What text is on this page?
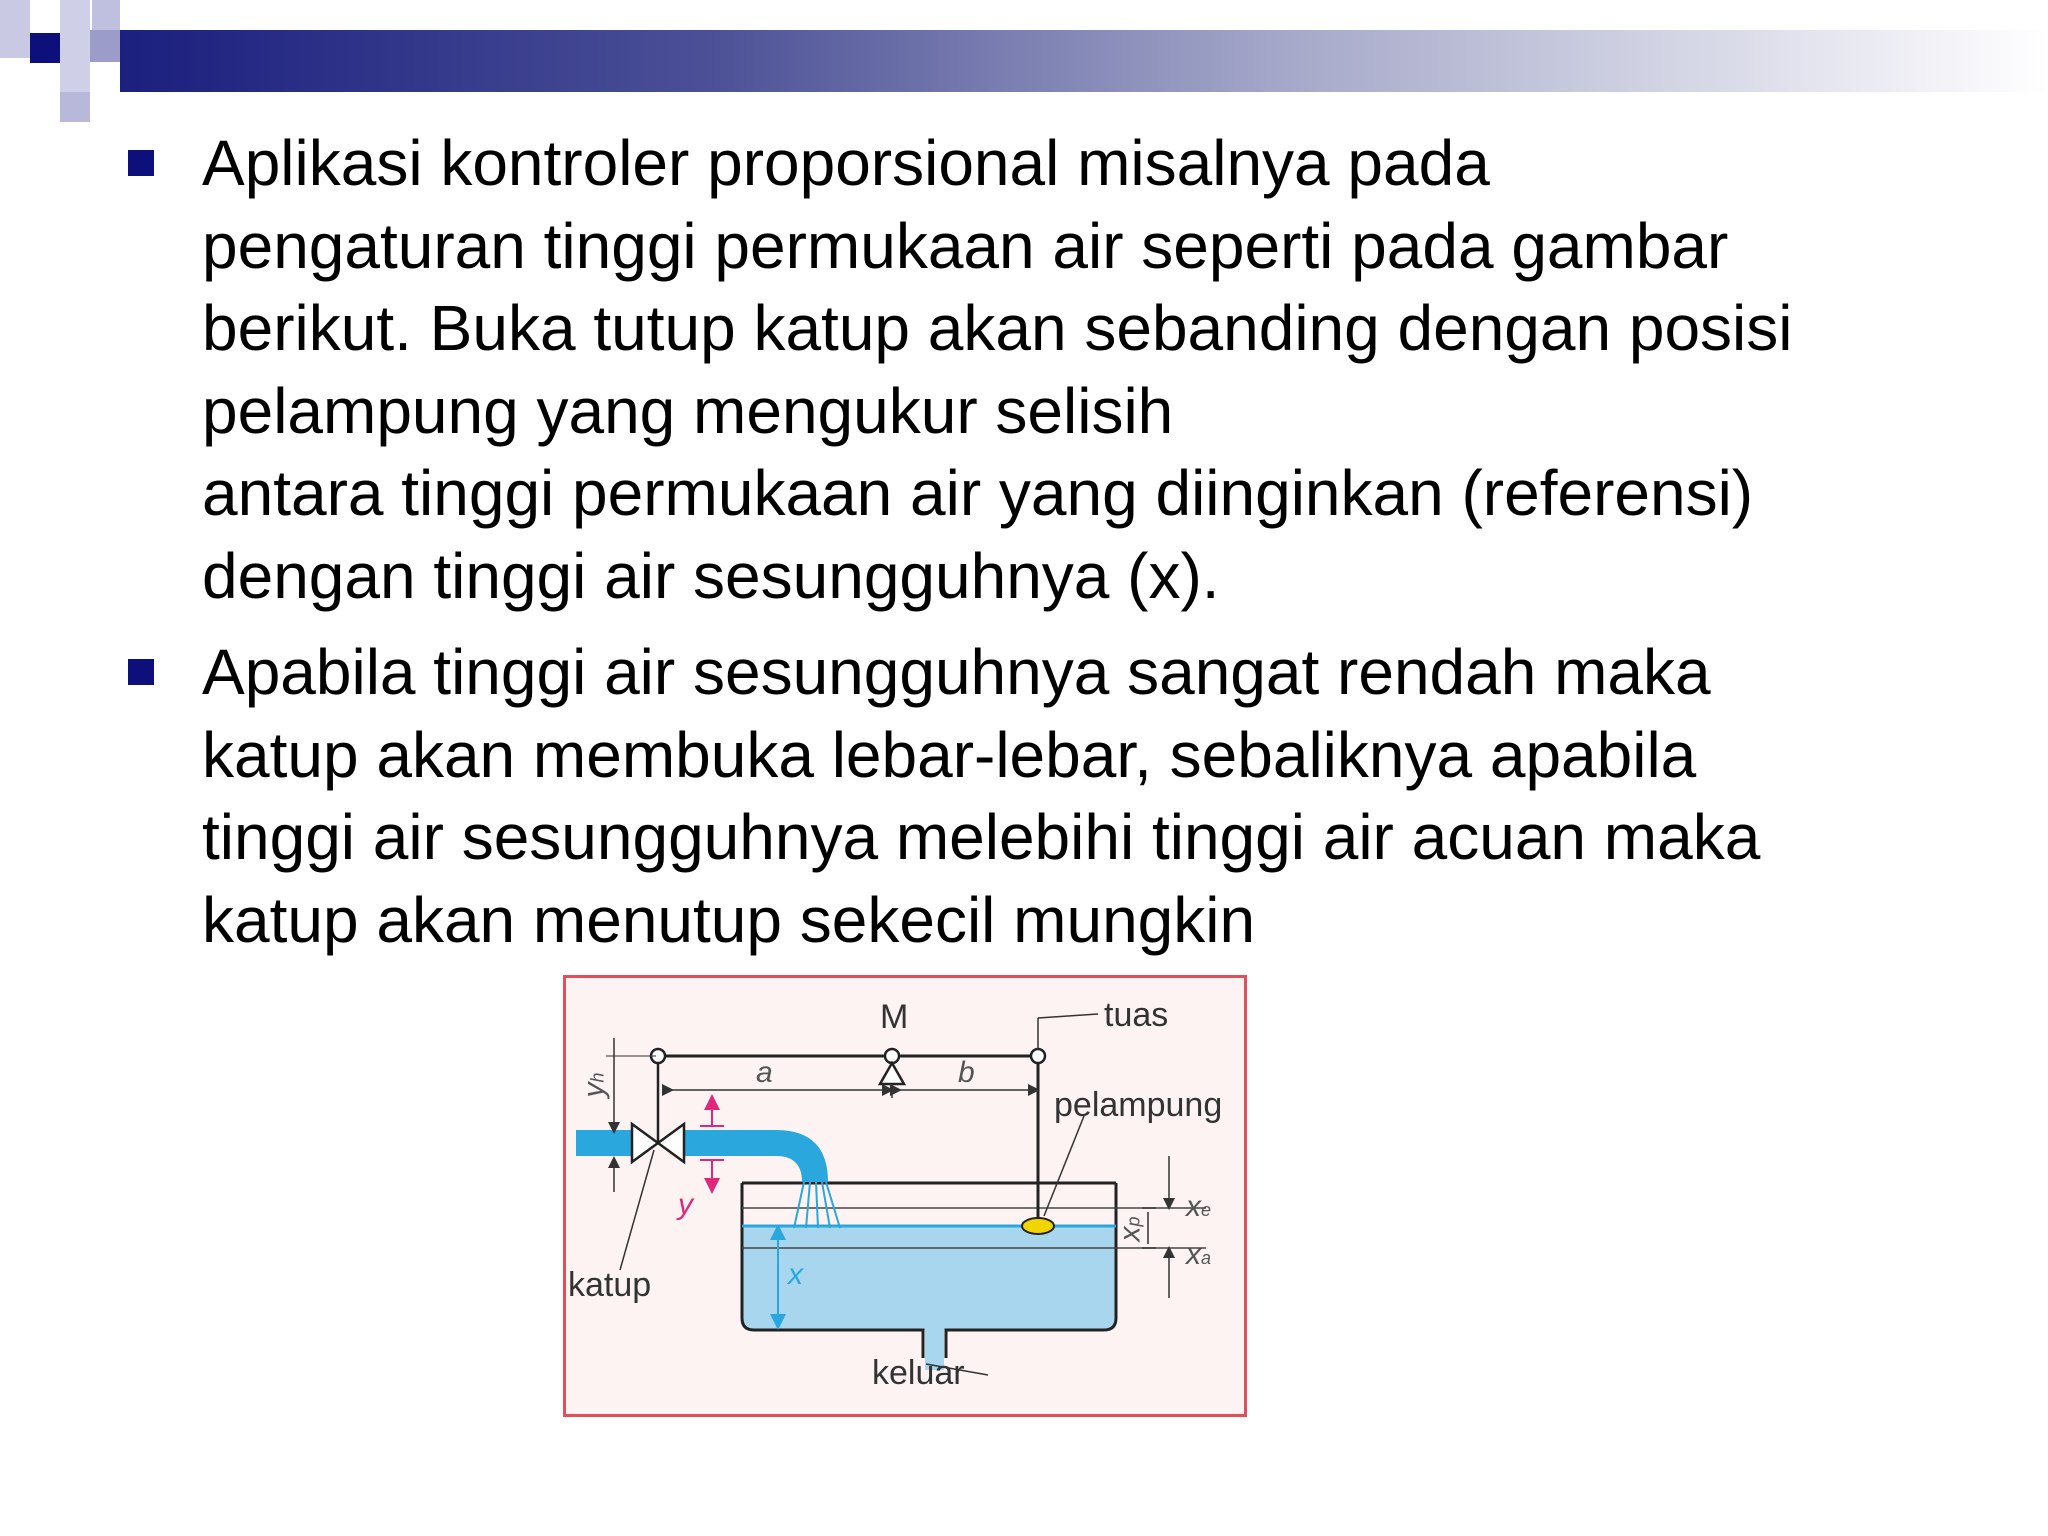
Aplikasi kontroler proporsional misalnya pada
pengaturan tinggi permukaan air seperti pada gambar
berikut. Buka tutup katup akan sebanding dengan posisi
pelampung yang mengukur selisih
antara tinggi permukaan air yang diinginkan (referensi)
dengan tinggi air sesungguhnya (x).
Apabila tinggi air sesungguhnya sangat rendah maka
katup akan membuka lebar-lebar, sebaliknya apabila
tinggi air sesungguhnya melebihi tinggi air acuan maka
katup akan menutup sekecil mungkin
M	tuas
a	b
yh
pelampung
y
x
katup
xp xe
xa
keluar
